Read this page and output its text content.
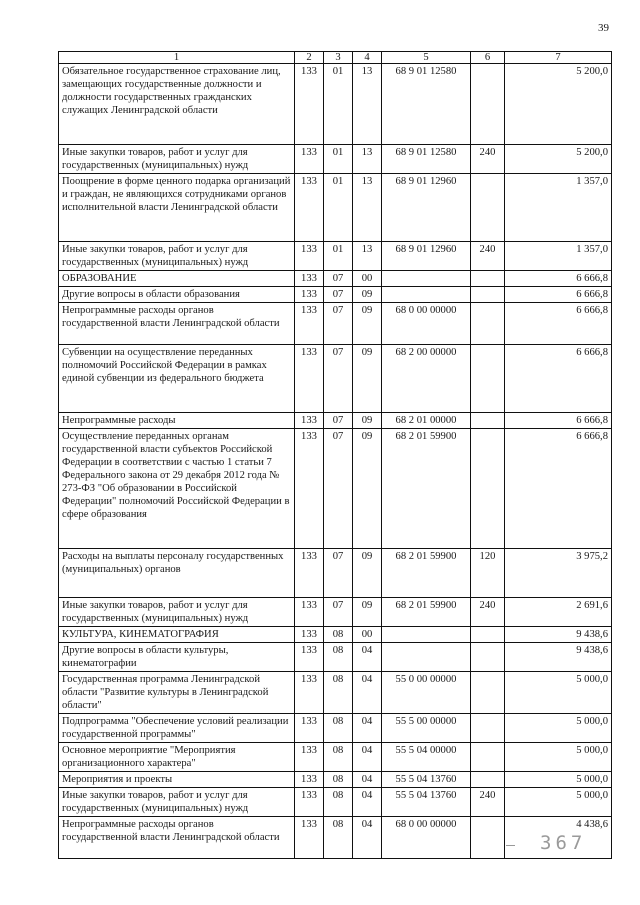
39
1	2	3	4	5	6	7
Обязательное государственное страхование лиц, замещающих государственные должности и должности государственных гражданских служащих Ленинградской области	133	01	13	68 9 01 12580		5 200,0
Иные закупки товаров, работ и услуг для государственных (муниципальных) нужд	133	01	13	68 9 01 12580	240	5 200,0
Поощрение в форме ценного подарка организаций и граждан, не являющихся сотрудниками органов исполнительной власти Ленинградской области	133	01	13	68 9 01 12960		1 357,0
Иные закупки товаров, работ и услуг для государственных (муниципальных) нужд	133	01	13	68 9 01 12960	240	1 357,0
ОБРАЗОВАНИЕ	133	07	00			6 666,8
Другие вопросы в области образования	133	07	09			6 666,8
Непрограммные расходы органов государственной власти Ленинградской области	133	07	09	68 0 00 00000		6 666,8
Субвенции на осуществление переданных полномочий Российской Федерации в рамках единой субвенции из федерального бюджета	133	07	09	68 2 00 00000		6 666,8
Непрограммные расходы	133	07	09	68 2 01 00000		6 666,8
Осуществление переданных органам государственной власти субъектов Российской Федерации в соответствии с частью 1 статьи 7 Федерального закона от 29 декабря 2012 года № 273-ФЗ "Об образовании в Российской Федерации" полномочий Российской Федерации в сфере образования	133	07	09	68 2 01 59900		6 666,8
Расходы на выплаты персоналу государственных (муниципальных) органов	133	07	09	68 2 01 59900	120	3 975,2
Иные закупки товаров, работ и услуг для государственных (муниципальных) нужд	133	07	09	68 2 01 59900	240	2 691,6
КУЛЬТУРА, КИНЕМАТОГРАФИЯ	133	08	00			9 438,6
Другие вопросы в области культуры, кинематографии	133	08	04			9 438,6
Государственная программа Ленинградской области "Развитие культуры в Ленинградской области"	133	08	04	55 0 00 00000		5 000,0
Подпрограмма "Обеспечение условий реализации государственной программы"	133	08	04	55 5 00 00000		5 000,0
Основное мероприятие "Мероприятия организационного характера"	133	08	04	55 5 04 00000		5 000,0
Мероприятия и проекты	133	08	04	55 5 04 13760		5 000,0
Иные закупки товаров, работ и услуг для государственных (муниципальных) нужд	133	08	04	55 5 04 13760	240	5 000,0
Непрограммные расходы органов государственной власти Ленинградской области	133	08	04	68 0 00 00000		4 438,6
367
